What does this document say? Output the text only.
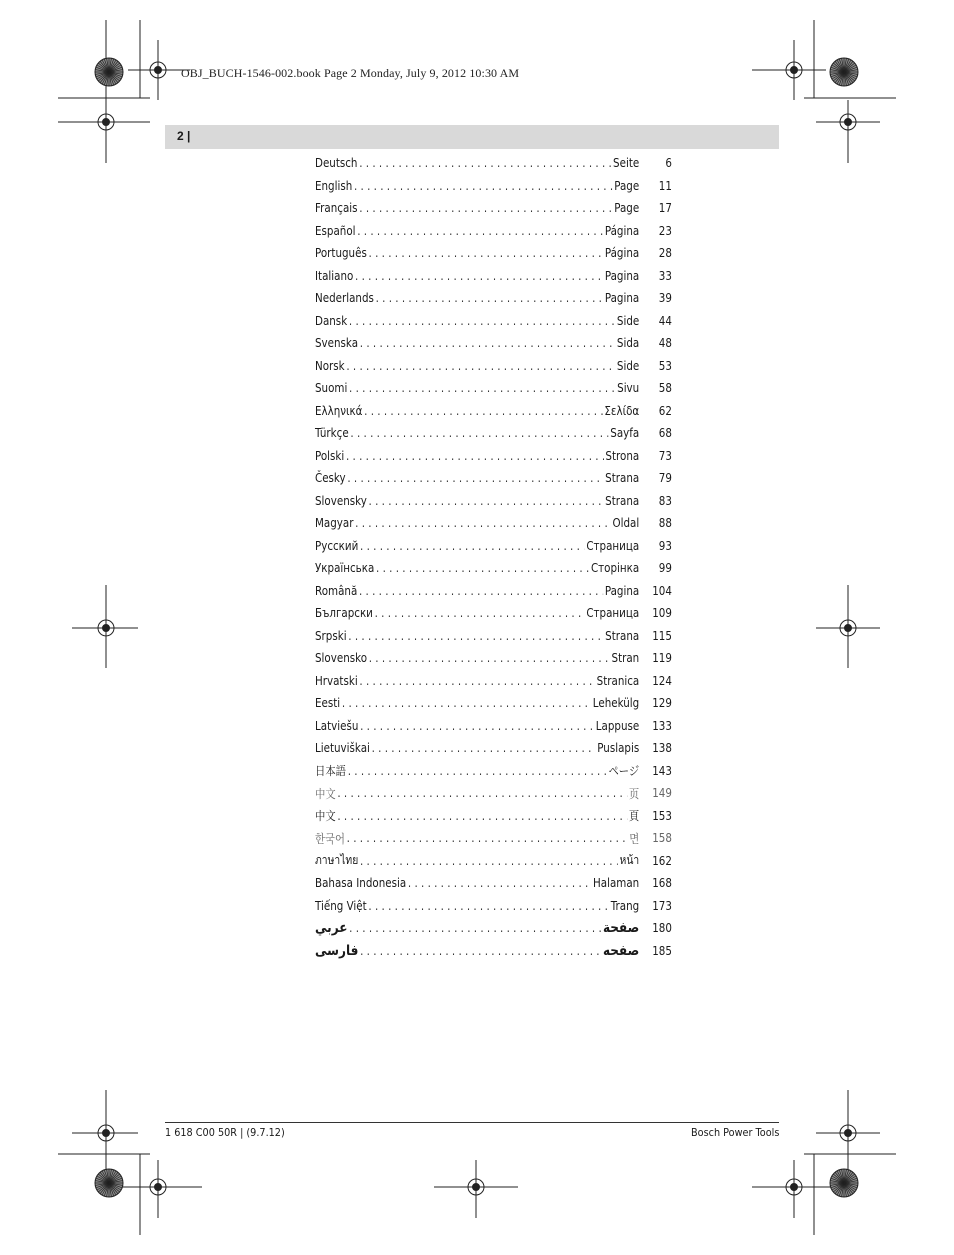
OBJ_BUCH-1546-002.book Page 2 Monday, July 9, 2012 10:30 AM
2 |
Deutsch . . .	Seite	6
English . . .	Page	11
Français . . .	Page	17
Español . . .	Página	23
Português . . .	Página	28
Italiano . . .	Pagina	33
Nederlands . . .	Pagina	39
Dansk . . .	Side	44
Svenska . . .	Sida	48
Norsk . . .	Side	53
Suomi . . .	Sivu	58
Ελληνικά . . .	Σελίδα	62
Türkçe . . .	Sayfa	68
Polski . . .	Strona	73
Česky . . .	Strana	79
Slovensky . . .	Strana	83
Magyar . . .	Oldal	88
Русский . . .	Страница	93
Українська . . .	Сторінка	99
Română . . .	Pagina	104
Български . . .	Страница	109
Srpski . . .	Strana	115
Slovensko . . .	Stran	119
Hrvatski . . .	Stranica	124
Eesti . . .	Lehekülg	129
Latviešu . . .	Lappuse	133
Lietuviškai . . .	Puslapis	138
日本語 . . .	ページ	143
中文 . . .	页	149
中文 . . .	頁	153
한국어 . . .	면	158
ภาษาไทย . . .	หน้า	162
Bahasa Indonesia . . .	Halaman	168
Tiếng Việt . . .	Trang	173
عربي . . .	صفحة	180
فارسی . . .	صفحه	185
1 618 C00 50R | (9.7.12)	Bosch Power Tools
